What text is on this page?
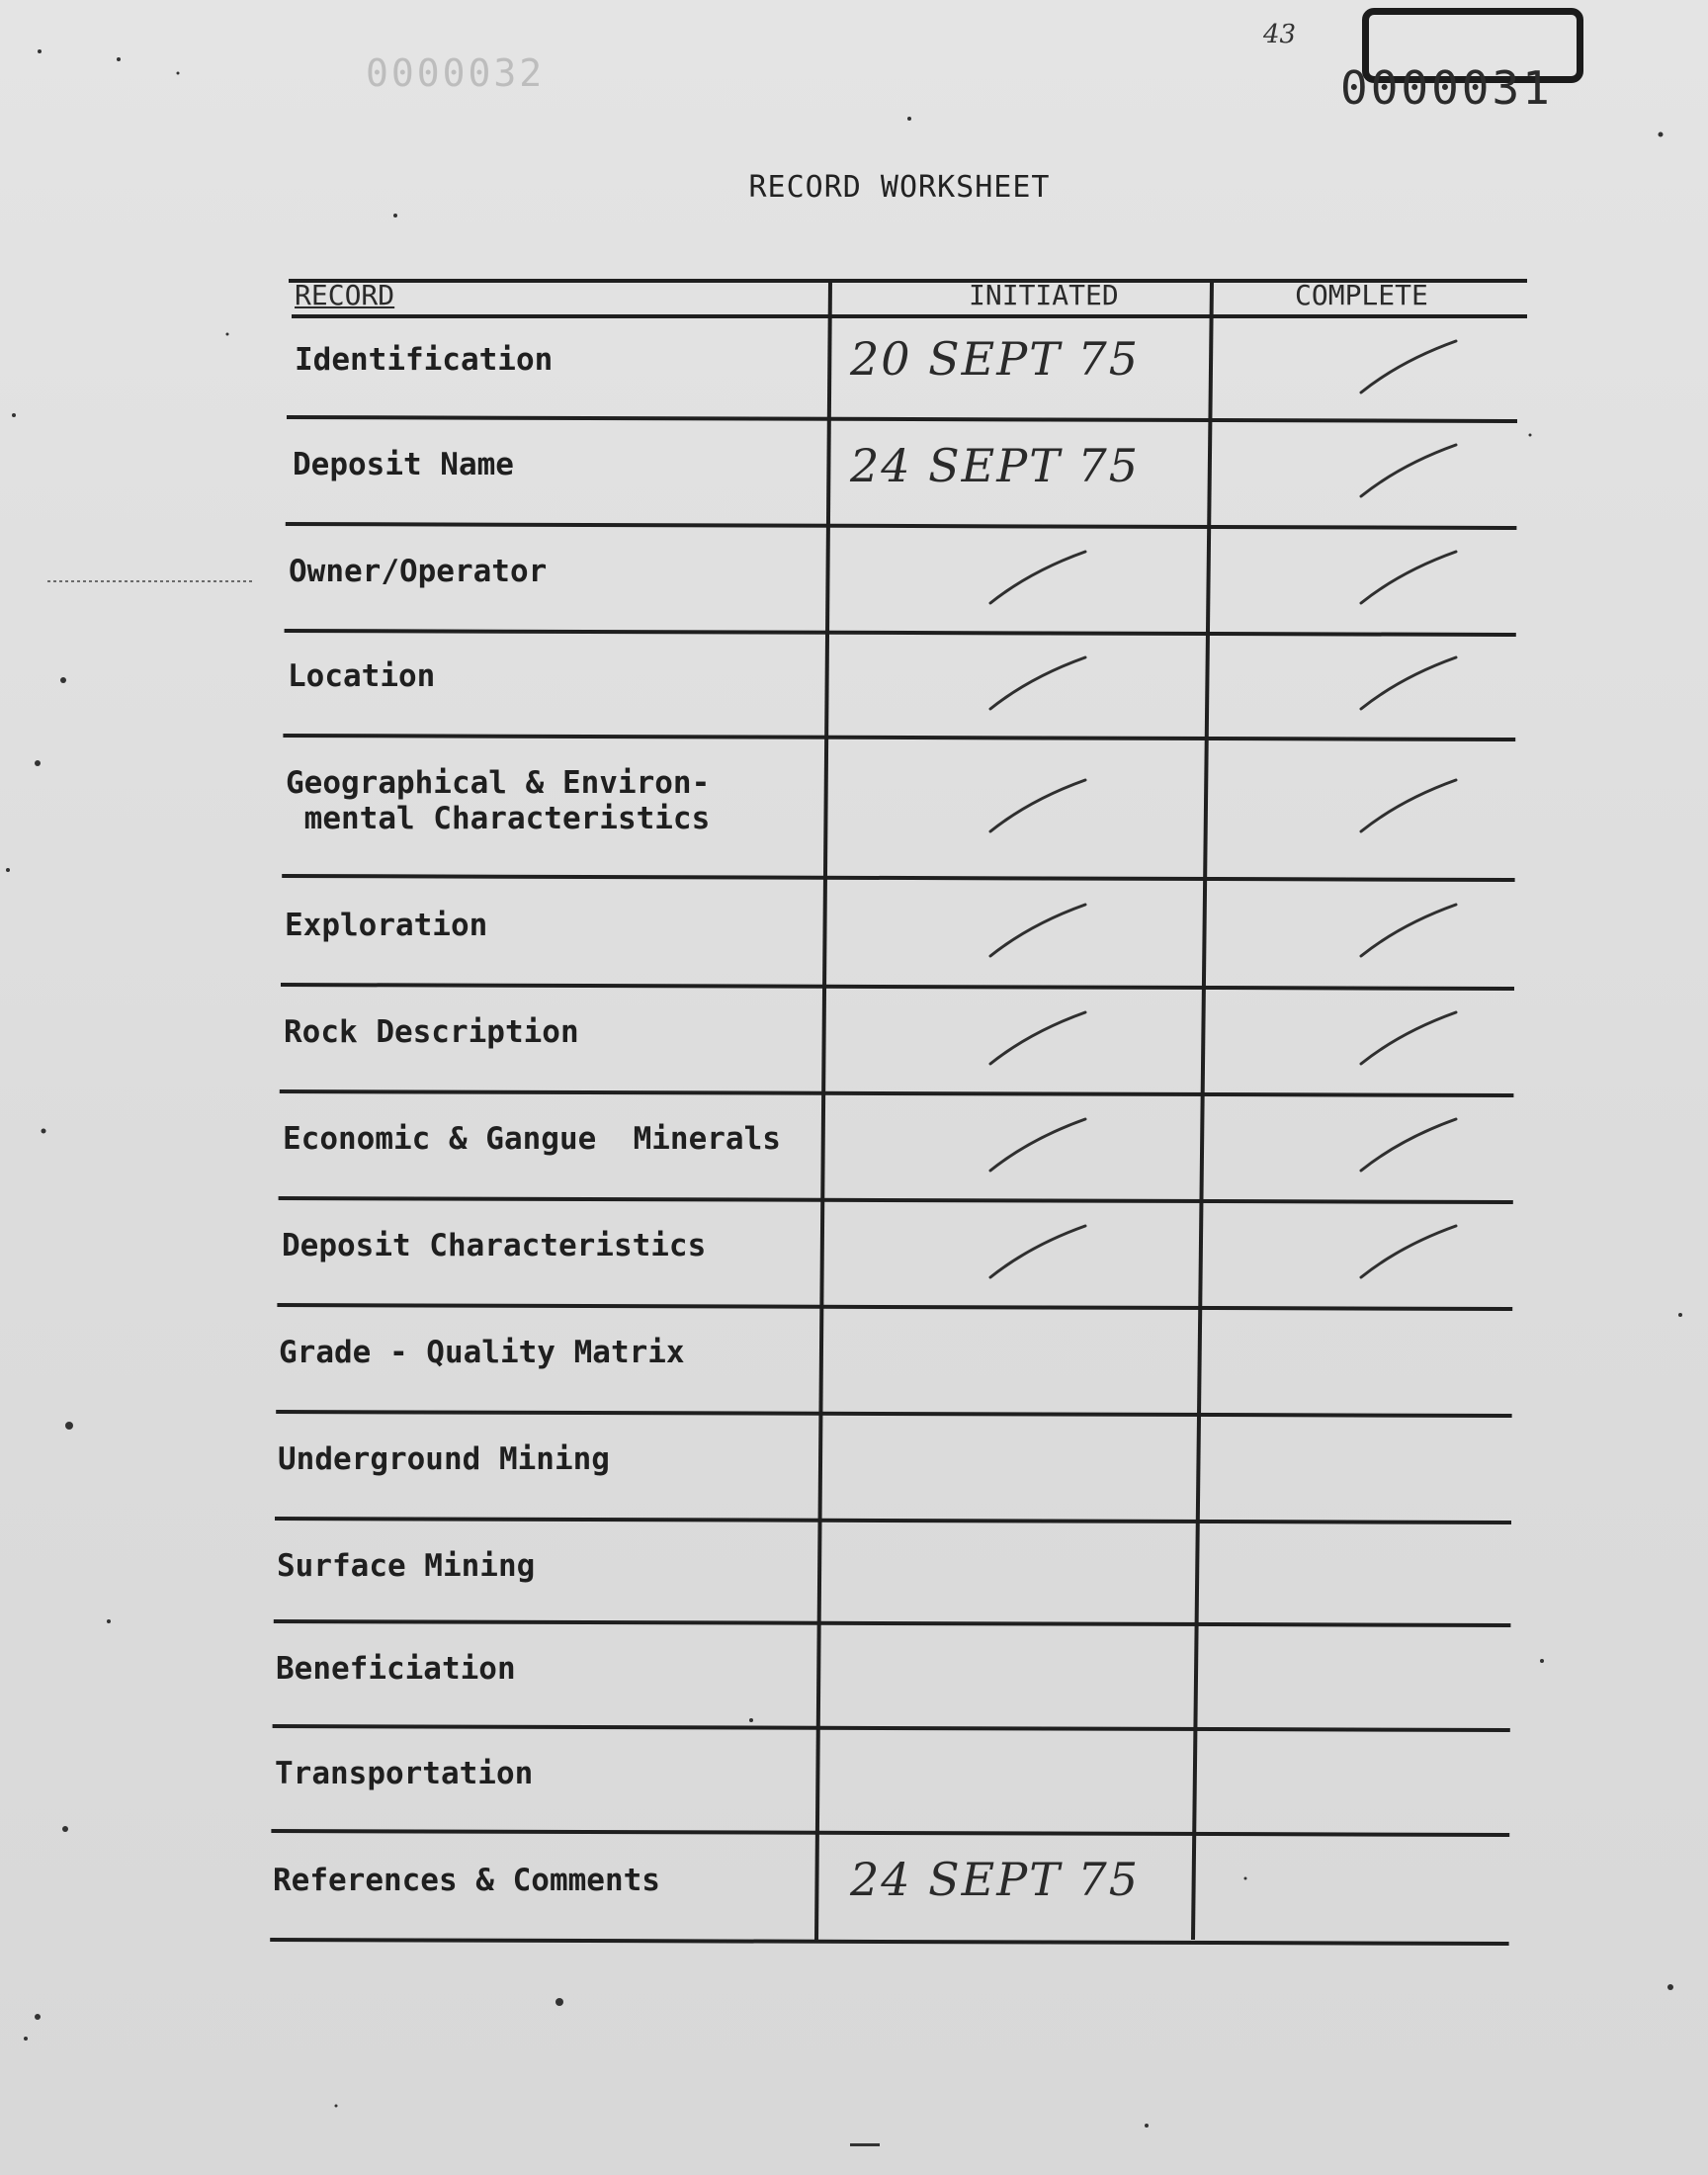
43
0000031
0000032
RECORD WORKSHEET
RECORD	INITIATED	COMPLETE
Identification	20 SEPT 75
Deposit Name	24 SEPT 75
Owner/Operator
Location
Geographical & Environ-
mental Characteristics
Exploration
Rock Description
Economic & Gangue  Minerals
Deposit Characteristics
Grade - Quality Matrix
Underground Mining
Surface Mining
Beneficiation
Transportation
References & Comments	24 SEPT 75
